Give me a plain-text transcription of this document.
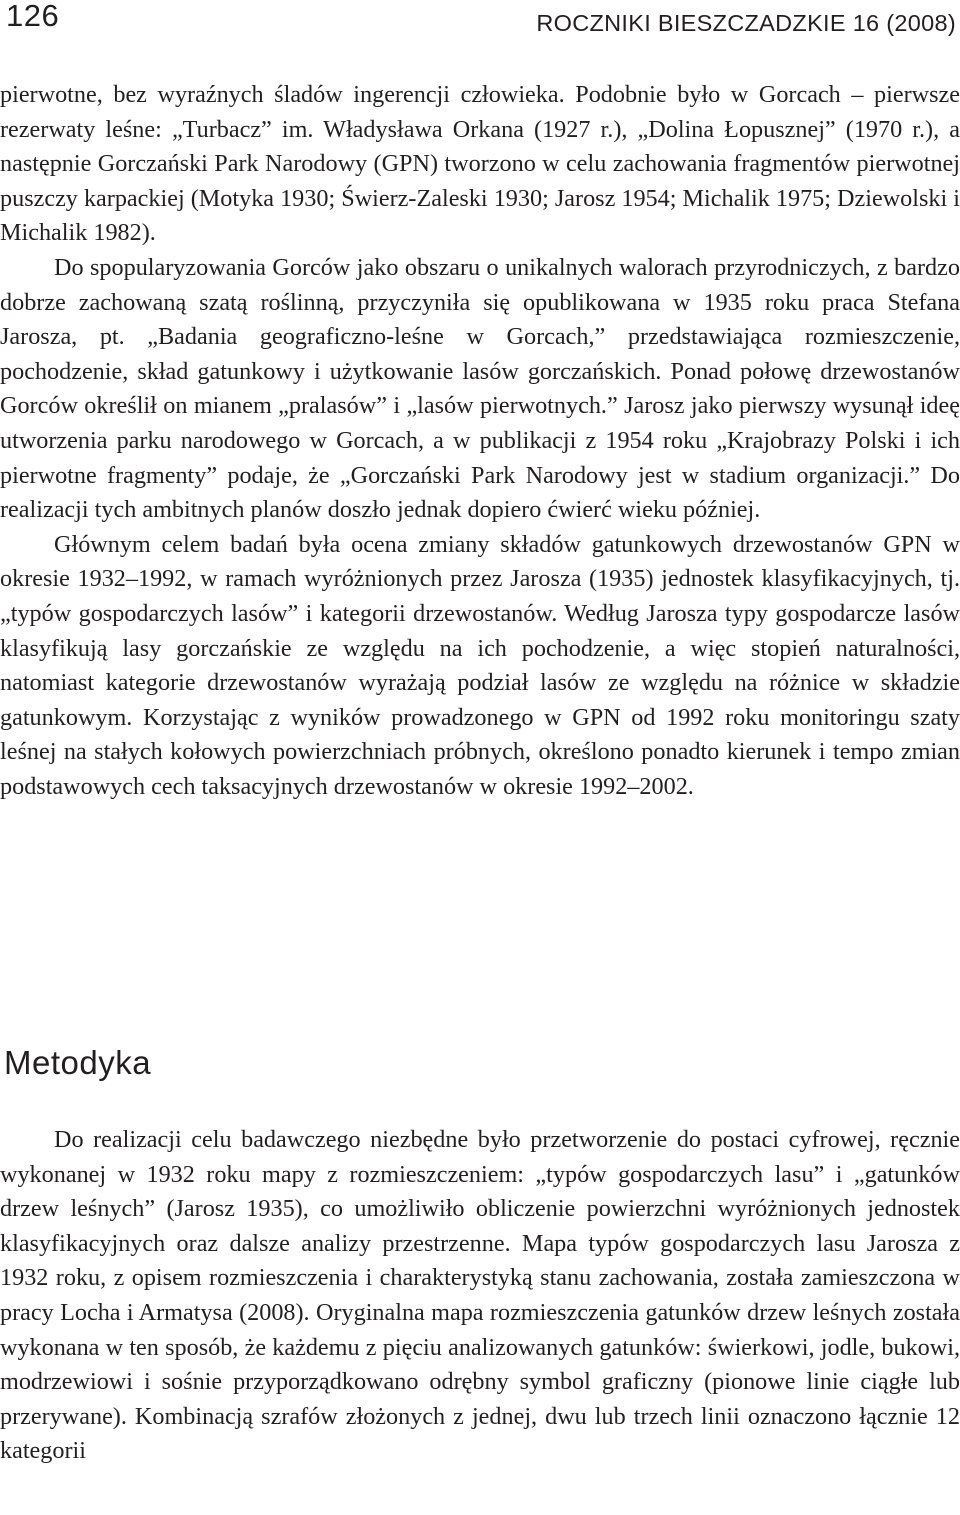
126	ROCZNIKI BIESZCZADZKIE 16 (2008)

pierwotne, bez wyraźnych śladów ingerencji człowieka. Podobnie było w Gorcach – pierwsze rezerwaty leśne: „Turbacz” im. Władysława Orkana (1927 r.), „Dolina Łopusznej” (1970 r.), a następnie Gorczański Park Narodowy (GPN) tworzono w celu zachowania fragmentów pierwotnej puszczy karpackiej (Motyka 1930; Świerz-Zaleski 1930; Jarosz 1954; Michalik 1975; Dziewolski i Michalik 1982).

Do spopularyzowania Gorców jako obszaru o unikalnych walorach przyrodniczych, z bardzo dobrze zachowaną szatą roślinną, przyczyniła się opublikowana w 1935 roku praca Stefana Jarosza, pt. „Badania geograficzno-leśne w Gorcach,” przedstawiająca rozmieszczenie, pochodzenie, skład gatunkowy i użytkowanie lasów gorczańskich. Ponad połowę drzewostanów Gorców określił on mianem „pralasów” i „lasów pierwotnych.” Jarosz jako pierwszy wysunął ideę utworzenia parku narodowego w Gorcach, a w publikacji z 1954 roku „Krajobrazy Polski i ich pierwotne fragmenty” podaje, że „Gorczański Park Narodowy jest w stadium organizacji.” Do realizacji tych ambitnych planów doszło jednak dopiero ćwierć wieku później.

Głównym celem badań była ocena zmiany składów gatunkowych drzewostanów GPN w okresie 1932–1992, w ramach wyróżnionych przez Jarosza (1935) jednostek klasyfikacyjnych, tj. „typów gospodarczych lasów” i kategorii drzewostanów. Według Jarosza typy gospodarcze lasów klasyfikują lasy gorczańskie ze względu na ich pochodzenie, a więc stopień naturalności, natomiast kategorie drzewostanów wyrażają podział lasów ze względu na różnice w składzie gatunkowym. Korzystając z wyników prowadzonego w GPN od 1992 roku monitoringu szaty leśnej na stałych kołowych powierzchniach próbnych, określono ponadto kierunek i tempo zmian podstawowych cech taksacyjnych drzewostanów w okresie 1992–2002.

Metodyka

Do realizacji celu badawczego niezbędne było przetworzenie do postaci cyfrowej, ręcznie wykonanej w 1932 roku mapy z rozmieszczeniem: „typów gospodarczych lasu” i „gatunków drzew leśnych” (Jarosz 1935), co umożliwiło obliczenie powierzchni wyróżnionych jednostek klasyfikacyjnych oraz dalsze analizy przestrzenne. Mapa typów gospodarczych lasu Jarosza z 1932 roku, z opisem rozmieszczenia i charakterystyką stanu zachowania, została zamieszczona w pracy Locha i Armatysa (2008). Oryginalna mapa rozmieszczenia gatunków drzew leśnych została wykonana w ten sposób, że każdemu z pięciu analizowanych gatunków: świerkowi, jodle, bukowi, modrzewiowi i sośnie przyporządkowano odrębny symbol graficzny (pionowe linie ciągłe lub przerywane). Kombinacją szrafów złożonych z jednej, dwu lub trzech linii oznaczono łącznie 12 kategorii
